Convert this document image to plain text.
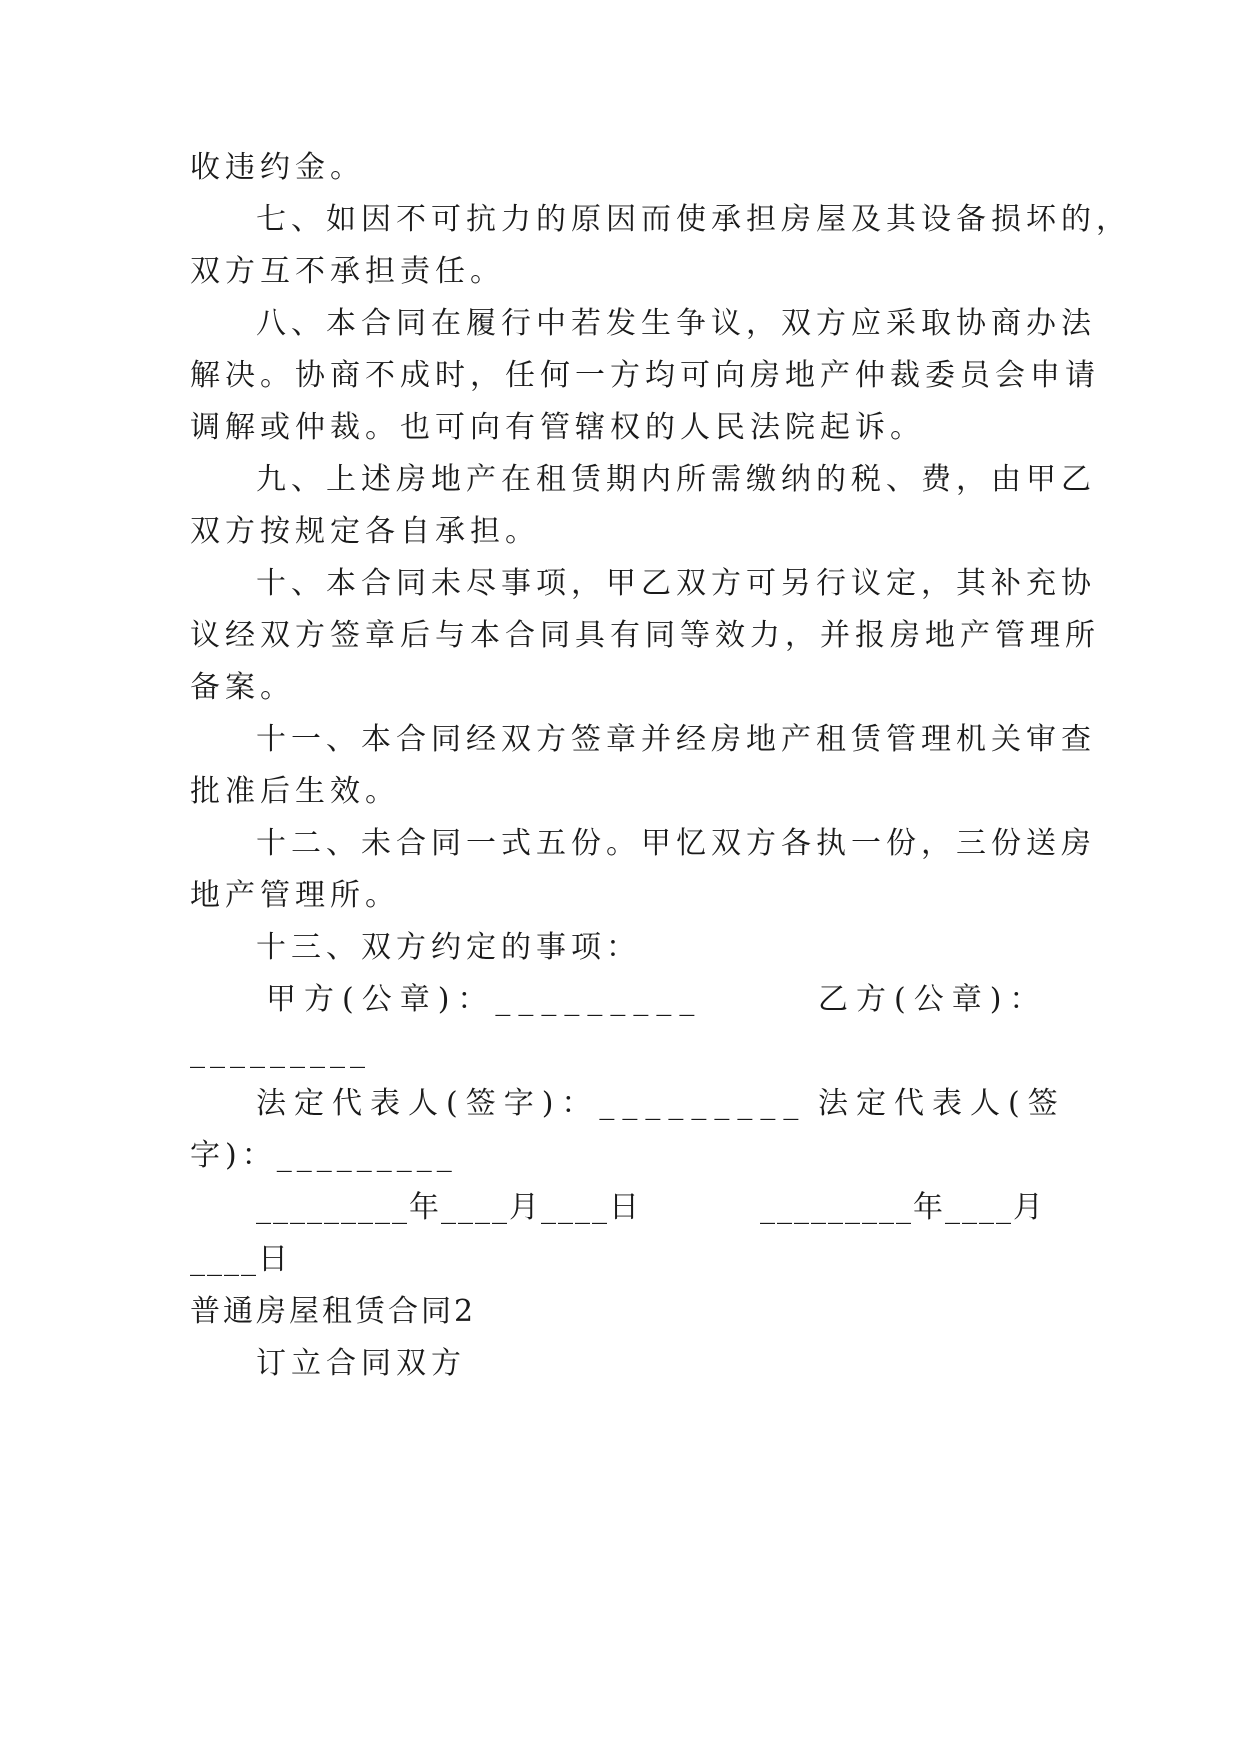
收违约金。
七、如因不可抗力的原因而使承担房屋及其设备损坏的，
双方互不承担责任。
八、本合同在履行中若发生争议，双方应采取协商办法
解决。协商不成时，任何一方均可向房地产仲裁委员会申请
调解或仲裁。也可向有管辖权的人民法院起诉。
九、上述房地产在租赁期内所需缴纳的税、费，由甲乙
双方按规定各自承担。
十、本合同未尽事项，甲乙双方可另行议定，其补充协
议经双方签章后与本合同具有同等效力，并报房地产管理所
备案。
十一、本合同经双方签章并经房地产租赁管理机关审查
批准后生效。
十二、未合同一式五份。甲忆双方各执一份，三份送房
地产管理所。
十三、双方约定的事项：
甲方(公章)：_________	乙方(公章)：
_________
法定代表人(签字)：_________ 法定代表人(签
字)：_________
_________年____月____日	_________年____月
____日
普通房屋租赁合同2
订立合同双方
